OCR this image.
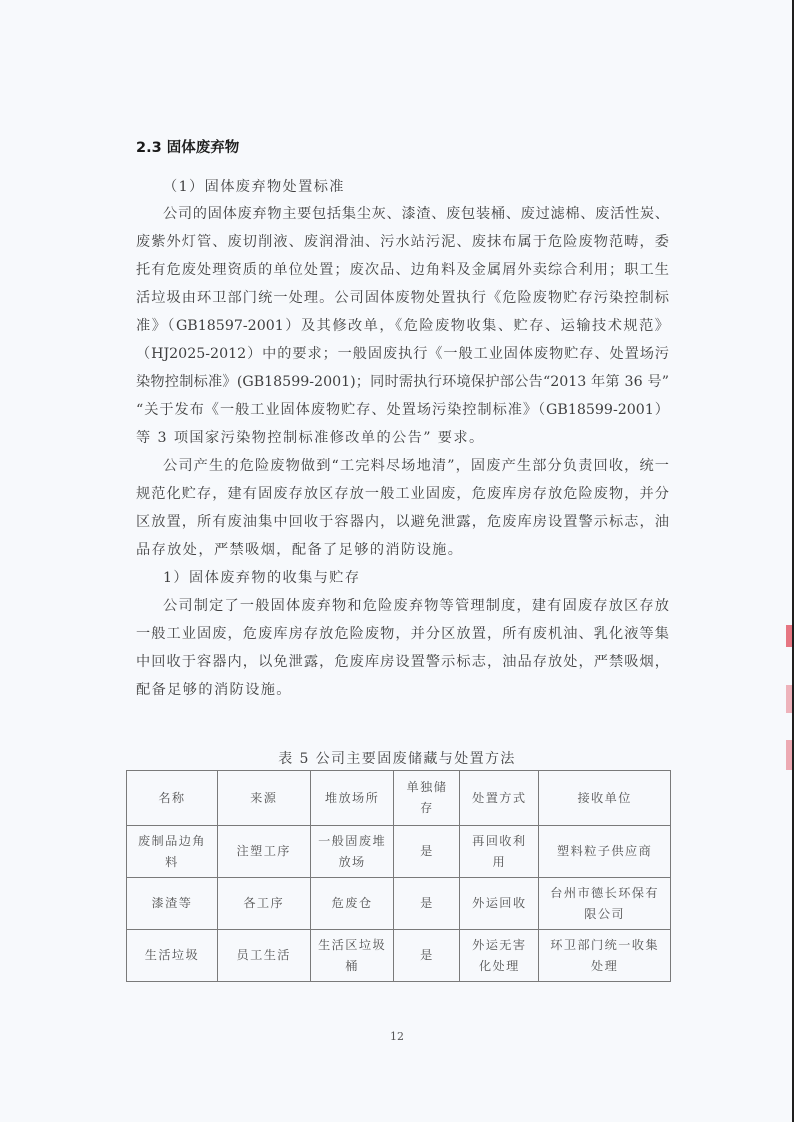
2.3 固体废弃物
（1）固体废弃物处置标准
公司的固体废弃物主要包括集尘灰、漆渣、废包装桶、废过滤棉、废活性炭、
废紫外灯管、废切削液、废润滑油、污水站污泥、废抹布属于危险废物范畴，委
托有危废处理资质的单位处置；废次品、边角料及金属屑外卖综合利用；职工生
活垃圾由环卫部门统一处理。公司固体废物处置执行《危险废物贮存污染控制标
准》（GB18597-2001）及其修改单，《危险废物收集、贮存、运输技术规范》
（HJ2025-2012）中的要求；一般固废执行《一般工业固体废物贮存、处置场污
染物控制标准》(GB18599-2001)；同时需执行环境保护部公告“2013 年第 36 号”
“关于发布《一般工业固体废物贮存、处置场污染控制标准》（GB18599-2001）
等 3 项国家污染物控制标准修改单的公告” 要求。
公司产生的危险废物做到“工完料尽场地清”，固废产生部分负责回收，统一
规范化贮存，建有固废存放区存放一般工业固废，危废库房存放危险废物，并分
区放置，所有废油集中回收于容器内，以避免泄露，危废库房设置警示标志，油
品存放处，严禁吸烟，配备了足够的消防设施。
1）固体废弃物的收集与贮存
公司制定了一般固体废弃物和危险废弃物等管理制度，建有固废存放区存放
一般工业固废，危废库房存放危险废物，并分区放置，所有废机油、乳化液等集
中回收于容器内，以免泄露，危废库房设置警示标志，油品存放处，严禁吸烟，
配备足够的消防设施。
表 5 公司主要固废储藏与处置方法
名称	来源	堆放场所	单独储存	处置方式	接收单位
废制品边角料	注塑工序	一般固废堆放场	是	再回收利用	塑料粒子供应商
漆渣等	各工序	危废仓	是	外运回收	台州市德长环保有限公司
生活垃圾	员工生活	生活区垃圾桶	是	外运无害化处理	环卫部门统一收集处理
12
